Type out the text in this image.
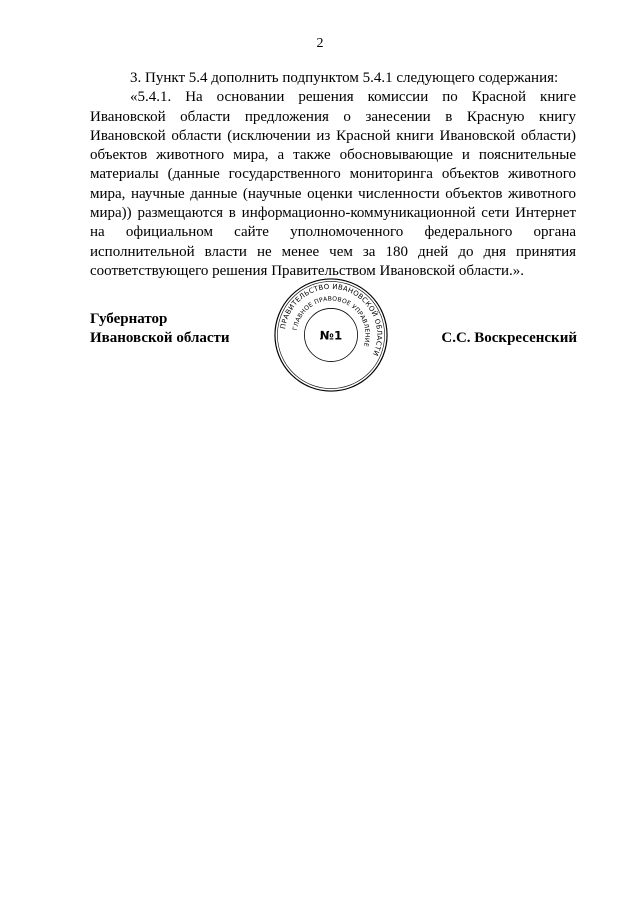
2

3. Пункт 5.4 дополнить подпунктом 5.4.1 следующего содержания:

«5.4.1. На основании решения комиссии по Красной книге Ивановской области предложения о занесении в Красную книгу Ивановской области (исключении из Красной книги Ивановской области) объектов животного мира, а также обосновывающие и пояснительные материалы (данные государственного мониторинга объектов животного мира, научные данные (научные оценки численности объектов животного мира)) размещаются в информационно-коммуникационной сети Интернет на официальном сайте уполномоченного федерального органа исполнительной власти не менее чем за 180 дней до дня принятия соответствующего решения Правительством Ивановской области.».

Губернатор
Ивановской области
ПРАВИТЕЛЬСТВО ИВАНОВСКОЙ ОБЛАСТИ
ГЛАВНОЕ ПРАВОВОЕ УПРАВЛЕНИЕ
№1	С.С. Воскресенский
